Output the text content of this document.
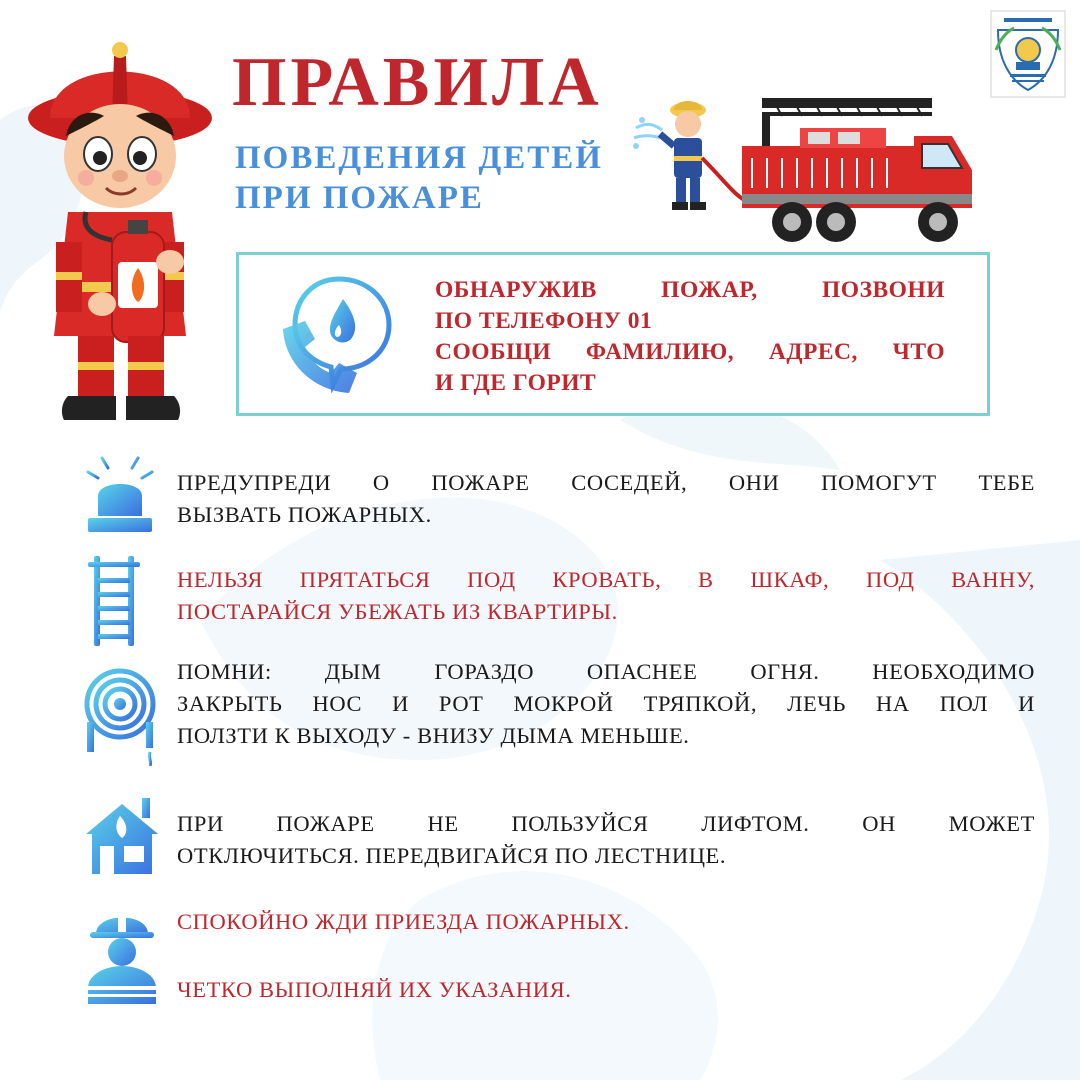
ПРАВИЛА
ПОВЕДЕНИЯ ДЕТЕЙ
ПРИ ПОЖАРЕ
ОБНАРУЖИВ ПОЖАР, ПОЗВОНИ
ПО ТЕЛЕФОНУ 01
СООБЩИ ФАМИЛИЮ, АДРЕС, ЧТО
И ГДЕ ГОРИТ
ПРЕДУПРЕДИ О ПОЖАРЕ СОСЕДЕЙ, ОНИ ПОМОГУТ ТЕБЕ
ВЫЗВАТЬ ПОЖАРНЫХ.
НЕЛЬЗЯ ПРЯТАТЬСЯ ПОД КРОВАТЬ, В ШКАФ, ПОД ВАННУ,
ПОСТАРАЙСЯ УБЕЖАТЬ ИЗ КВАРТИРЫ.
ПОМНИ: ДЫМ ГОРАЗДО ОПАСНЕЕ ОГНЯ. НЕОБХОДИМО
ЗАКРЫТЬ НОС И РОТ МОКРОЙ ТРЯПКОЙ, ЛЕЧЬ НА ПОЛ И
ПОЛЗТИ К ВЫХОДУ - ВНИЗУ ДЫМА МЕНЬШЕ.
ПРИ ПОЖАРЕ НЕ ПОЛЬЗУЙСЯ ЛИФТОМ. ОН МОЖЕТ
ОТКЛЮЧИТЬСЯ. ПЕРЕДВИГАЙСЯ ПО ЛЕСТНИЦЕ.
СПОКОЙНО ЖДИ ПРИЕЗДА ПОЖАРНЫХ.
ЧЕТКО ВЫПОЛНЯЙ ИХ УКАЗАНИЯ.
